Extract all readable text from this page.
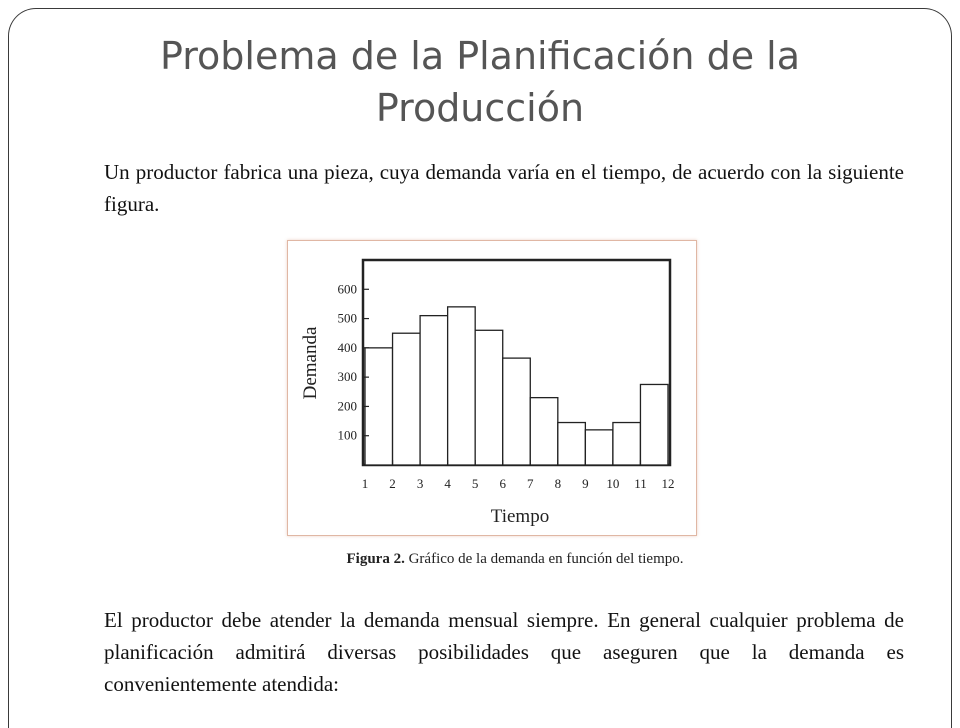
Problema de la Planificación de la Producción
Un productor fabrica una pieza, cuya demanda varía en el tiempo, de acuerdo con la siguiente figura.
100
200
300
400
500
600
1 2 3 4 5 6 7 8 9 10 11 12
Demanda
Tiempo
Figura 2. Gráfico de la demanda en función del tiempo.
El productor debe atender la demanda mensual siempre. En general cualquier problema de planificación admitirá diversas posibilidades que aseguren que la demanda es convenientemente atendida:
